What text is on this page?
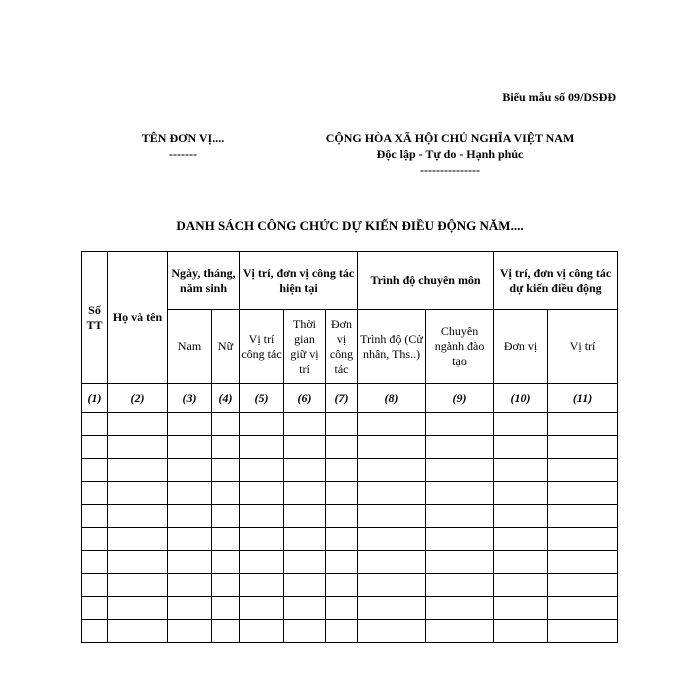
Biểu mẫu số 09/DSĐĐ
TÊN ĐƠN VỊ....
-------
CỘNG HÒA XÃ HỘI CHỦ NGHĨA VIỆT NAM
Độc lập - Tự do - Hạnh phúc
---------------
DANH SÁCH CÔNG CHỨC DỰ KIẾN ĐIỀU ĐỘNG NĂM....
Số TT	Họ và tên	Ngày, tháng, năm sinh		Vị trí, đơn vị công tác hiện tại			Trình độ chuyên môn		Vị trí, đơn vị công tác dự kiến điều động	
		Nam	Nữ	Vị trí công tác	Thời gian giữ vị trí	Đơn vị công tác	Trình độ (Cử nhân, Ths..)	Chuyên ngành đào tạo	Đơn vị	Vị trí
(1)	(2)	(3)	(4)	(5)	(6)	(7)	(8)	(9)	(10)	(11)
